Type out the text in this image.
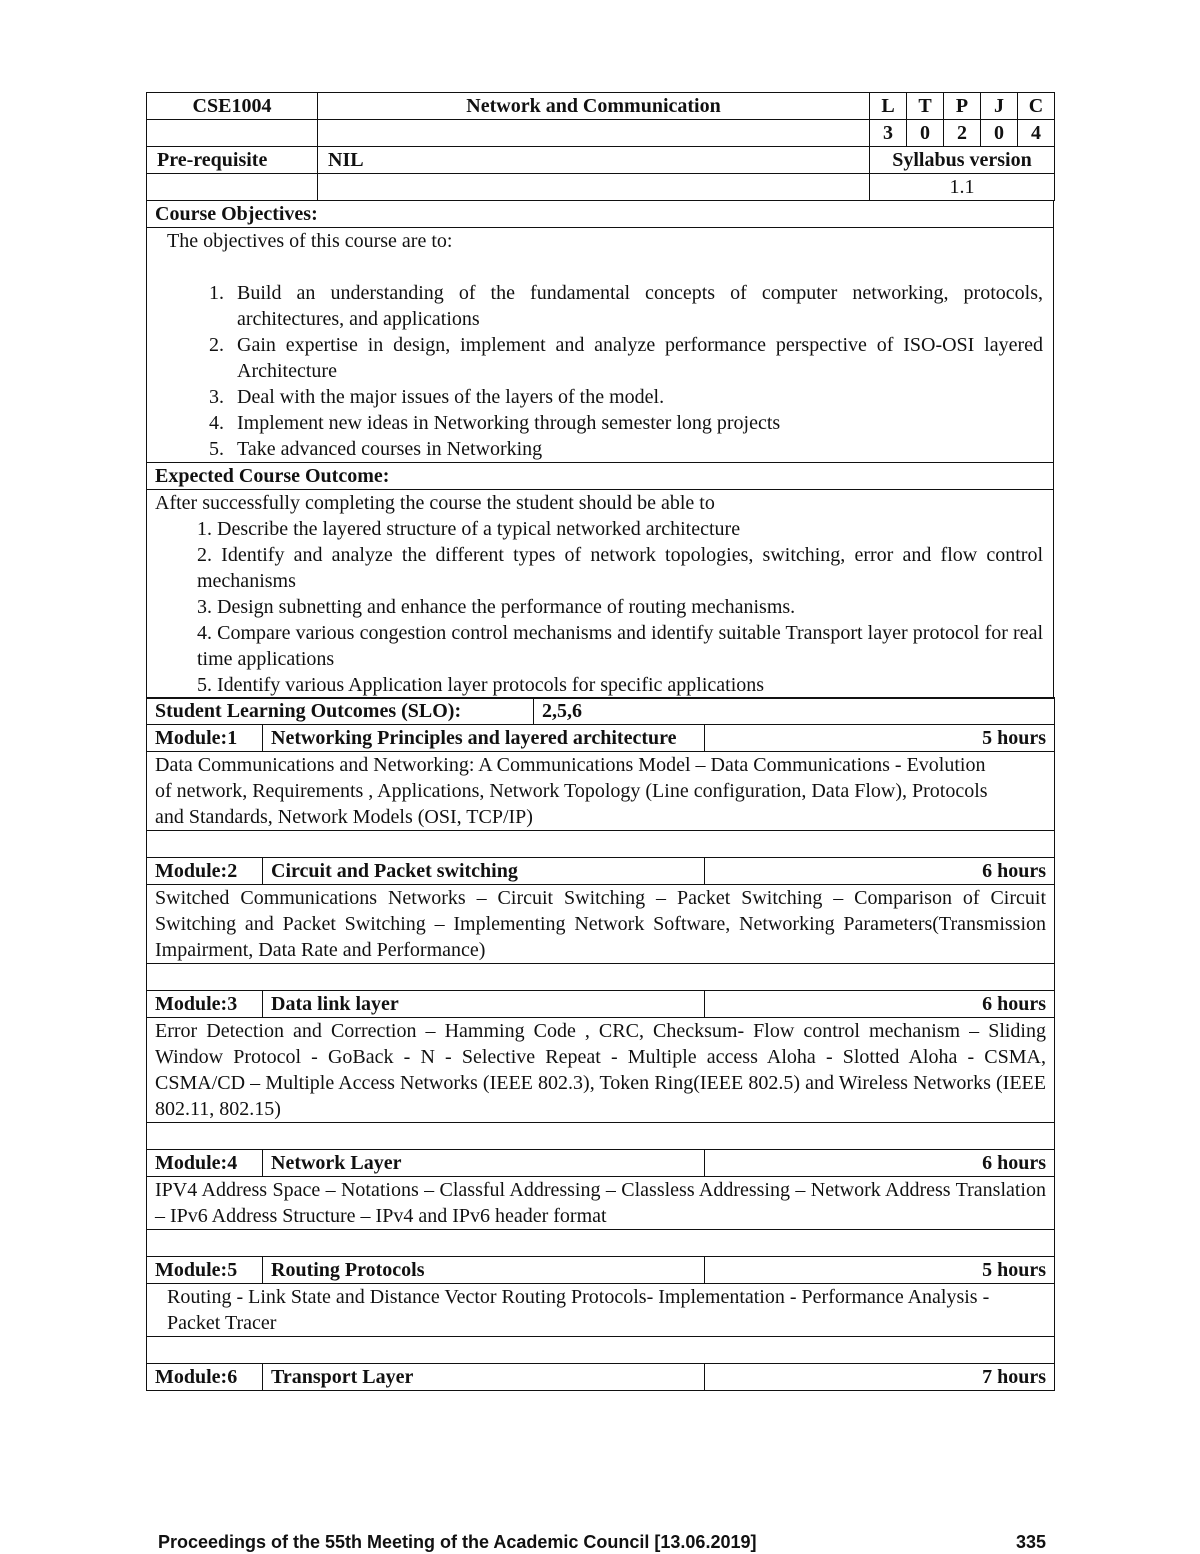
CSE1004	Network and Communication	L	T	P	J	C
		3	0	2	0	4
Pre-requisite	NIL	Syllabus version				
		1.1				
Course Objectives:

The objectives of this course are to:
1. Build an understanding of the fundamental concepts of computer networking, protocols, architectures, and applications
2. Gain expertise in design, implement and analyze performance perspective of ISO-OSI layered Architecture
3. Deal with the major issues of the layers of the model.
4. Implement new ideas in Networking through semester long projects
5. Take advanced courses in Networking

Expected Course Outcome:

After successfully completing the course the student should be able to
1. Describe the layered structure of a typical networked architecture
2. Identify and analyze the different types of network topologies, switching, error and flow control mechanisms
3. Design subnetting and enhance the performance of routing mechanisms.
4. Compare various congestion control mechanisms and identify suitable Transport layer protocol for real time applications
5. Identify various Application layer protocols for specific applications
Student Learning Outcomes (SLO):	2,5,6
Module:1	Networking Principles and layered architecture	5 hours
Data Communications and Networking: A Communications Model – Data Communications - Evolution of network, Requirements , Applications, Network Topology (Line configuration, Data Flow), Protocols and Standards, Network Models (OSI, TCP/IP)		

Module:2	Circuit and Packet switching	6 hours
Switched Communications Networks – Circuit Switching – Packet Switching – Comparison of Circuit Switching and Packet Switching – Implementing Network Software, Networking Parameters(Transmission Impairment, Data Rate and Performance)		

Module:3	Data link layer	6 hours
Error Detection and Correction – Hamming Code , CRC, Checksum- Flow control mechanism – Sliding Window Protocol - GoBack - N - Selective Repeat - Multiple access Aloha - Slotted Aloha - CSMA, CSMA/CD – Multiple Access Networks (IEEE 802.3), Token Ring(IEEE 802.5) and Wireless Networks (IEEE 802.11, 802.15)		

Module:4	Network Layer	6 hours
IPV4 Address Space – Notations – Classful Addressing – Classless Addressing – Network Address Translation – IPv6 Address Structure – IPv4 and IPv6 header format		

Module:5	Routing Protocols	5 hours
Routing - Link State and Distance Vector Routing Protocols- Implementation - Performance Analysis - Packet Tracer		

Module:6	Transport Layer	7 hours
Proceedings of the 55th Meeting of the Academic Council [13.06.2019]	335
